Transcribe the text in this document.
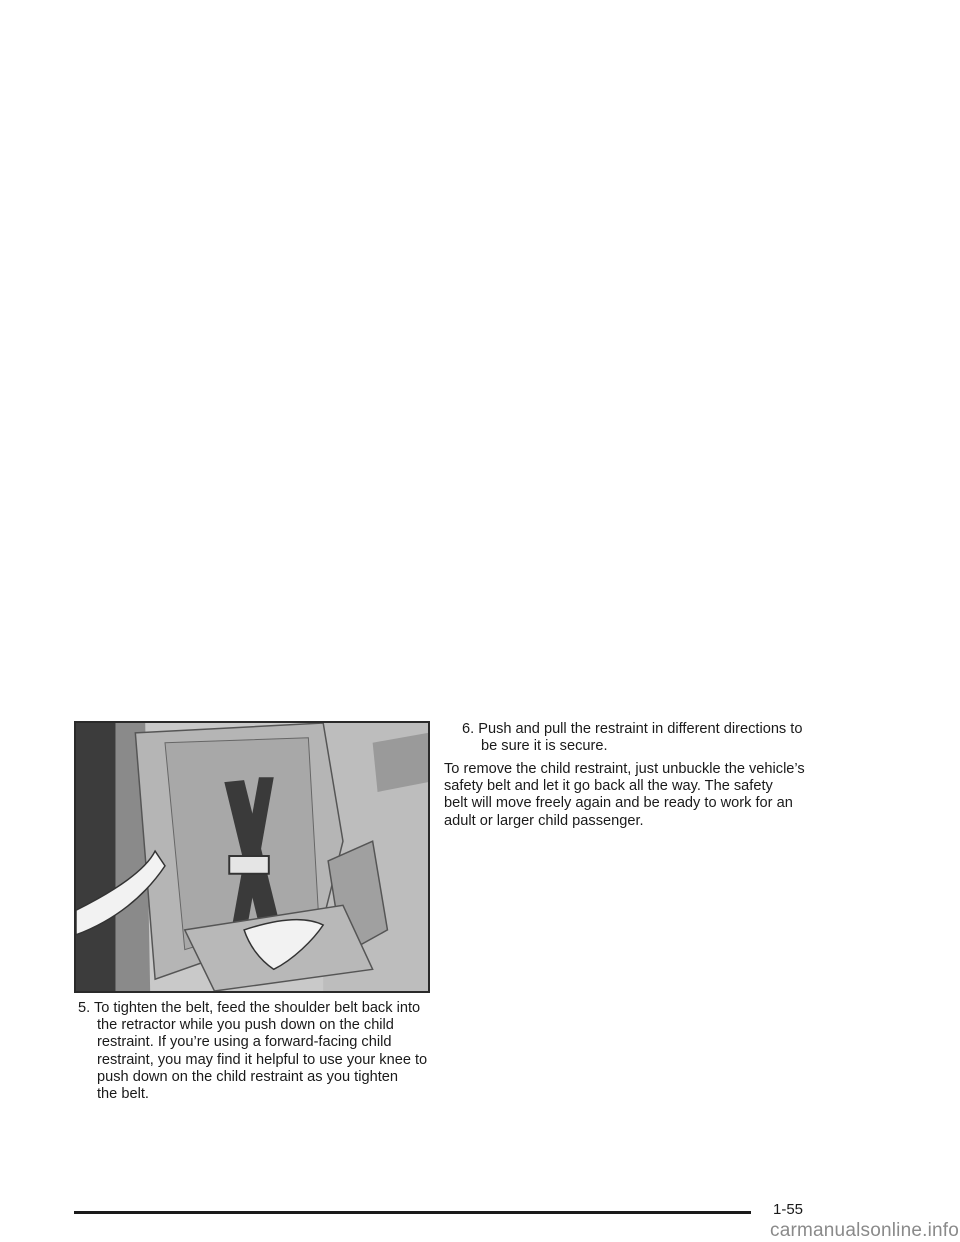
5. To tighten the belt, feed the shoulder belt back into
the retractor while you push down on the child
restraint. If you’re using a forward-facing child
restraint, you may find it helpful to use your knee to
push down on the child restraint as you tighten
the belt.

6. Push and pull the restraint in different directions to
be sure it is secure.

To remove the child restraint, just unbuckle the vehicle’s
safety belt and let it go back all the way. The safety
belt will move freely again and be ready to work for an
adult or larger child passenger.

1-55
carmanualsonline.info
